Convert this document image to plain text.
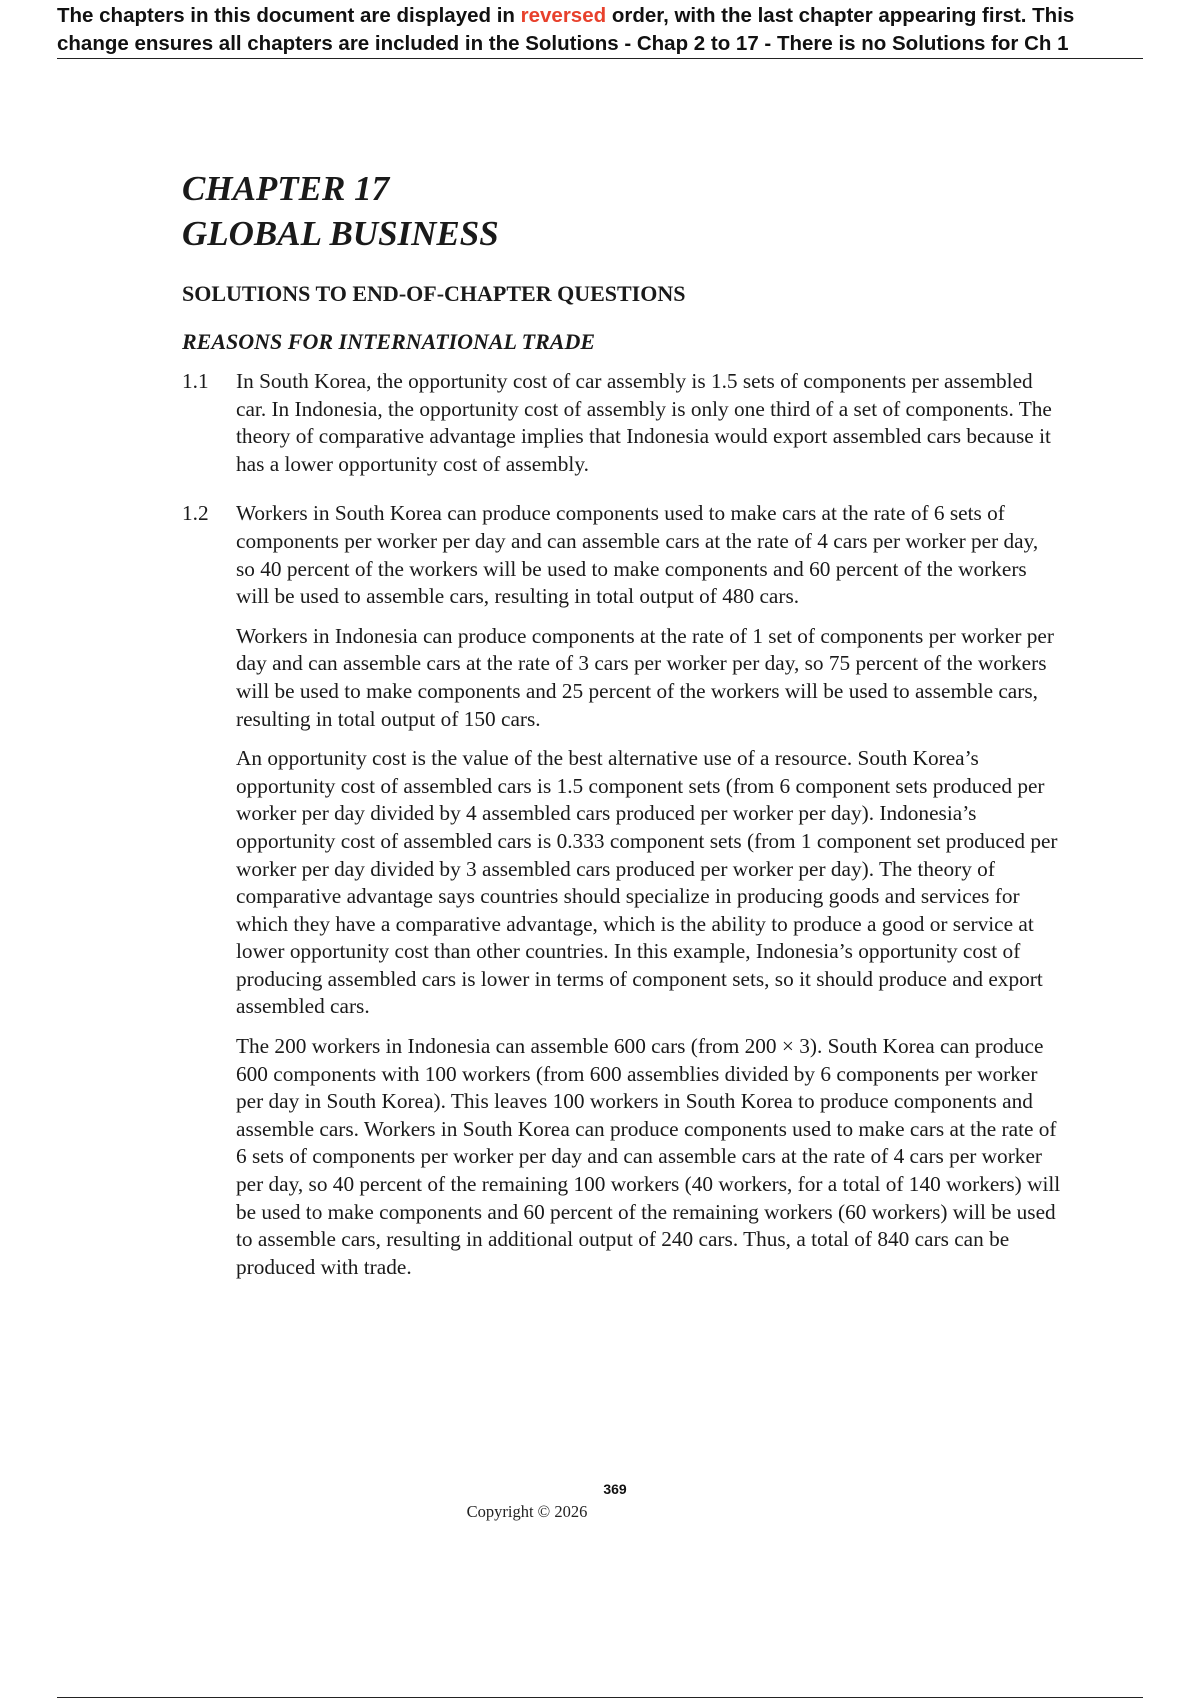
The chapters in this document are displayed in reversed order, with the last chapter appearing first. This
change ensures all chapters are included in the Solutions - Chap 2 to 17 - There is no Solutions for Ch 1
CHAPTER 17
GLOBAL BUSINESS
SOLUTIONS TO END-OF-CHAPTER QUESTIONS
REASONS FOR INTERNATIONAL TRADE
1.1 In South Korea, the opportunity cost of car assembly is 1.5 sets of components per assembled car. In Indonesia, the opportunity cost of assembly is only one third of a set of components. The theory of comparative advantage implies that Indonesia would export assembled cars because it has a lower opportunity cost of assembly.

1.2 Workers in South Korea can produce components used to make cars at the rate of 6 sets of components per worker per day and can assemble cars at the rate of 4 cars per worker per day, so 40 percent of the workers will be used to make components and 60 percent of the workers will be used to assemble cars, resulting in total output of 480 cars.

Workers in Indonesia can produce components at the rate of 1 set of components per worker per day and can assemble cars at the rate of 3 cars per worker per day, so 75 percent of the workers will be used to make components and 25 percent of the workers will be used to assemble cars, resulting in total output of 150 cars.

An opportunity cost is the value of the best alternative use of a resource. South Korea’s opportunity cost of assembled cars is 1.5 component sets (from 6 component sets produced per worker per day divided by 4 assembled cars produced per worker per day). Indonesia’s opportunity cost of assembled cars is 0.333 component sets (from 1 component set produced per worker per day divided by 3 assembled cars produced per worker per day). The theory of comparative advantage says countries should specialize in producing goods and services for which they have a comparative advantage, which is the ability to produce a good or service at lower opportunity cost than other countries. In this example, Indonesia’s opportunity cost of producing assembled cars is lower in terms of component sets, so it should produce and export assembled cars.

The 200 workers in Indonesia can assemble 600 cars (from 200 × 3). South Korea can produce 600 components with 100 workers (from 600 assemblies divided by 6 components per worker per day in South Korea). This leaves 100 workers in South Korea to produce components and assemble cars. Workers in South Korea can produce components used to make cars at the rate of 6 sets of components per worker per day and can assemble cars at the rate of 4 cars per worker per day, so 40 percent of the remaining 100 workers (40 workers, for a total of 140 workers) will be used to make components and 60 percent of the remaining workers (60 workers) will be used to assemble cars, resulting in additional output of 240 cars. Thus, a total of 840 cars can be produced with trade.

369
Copyright © 2026
